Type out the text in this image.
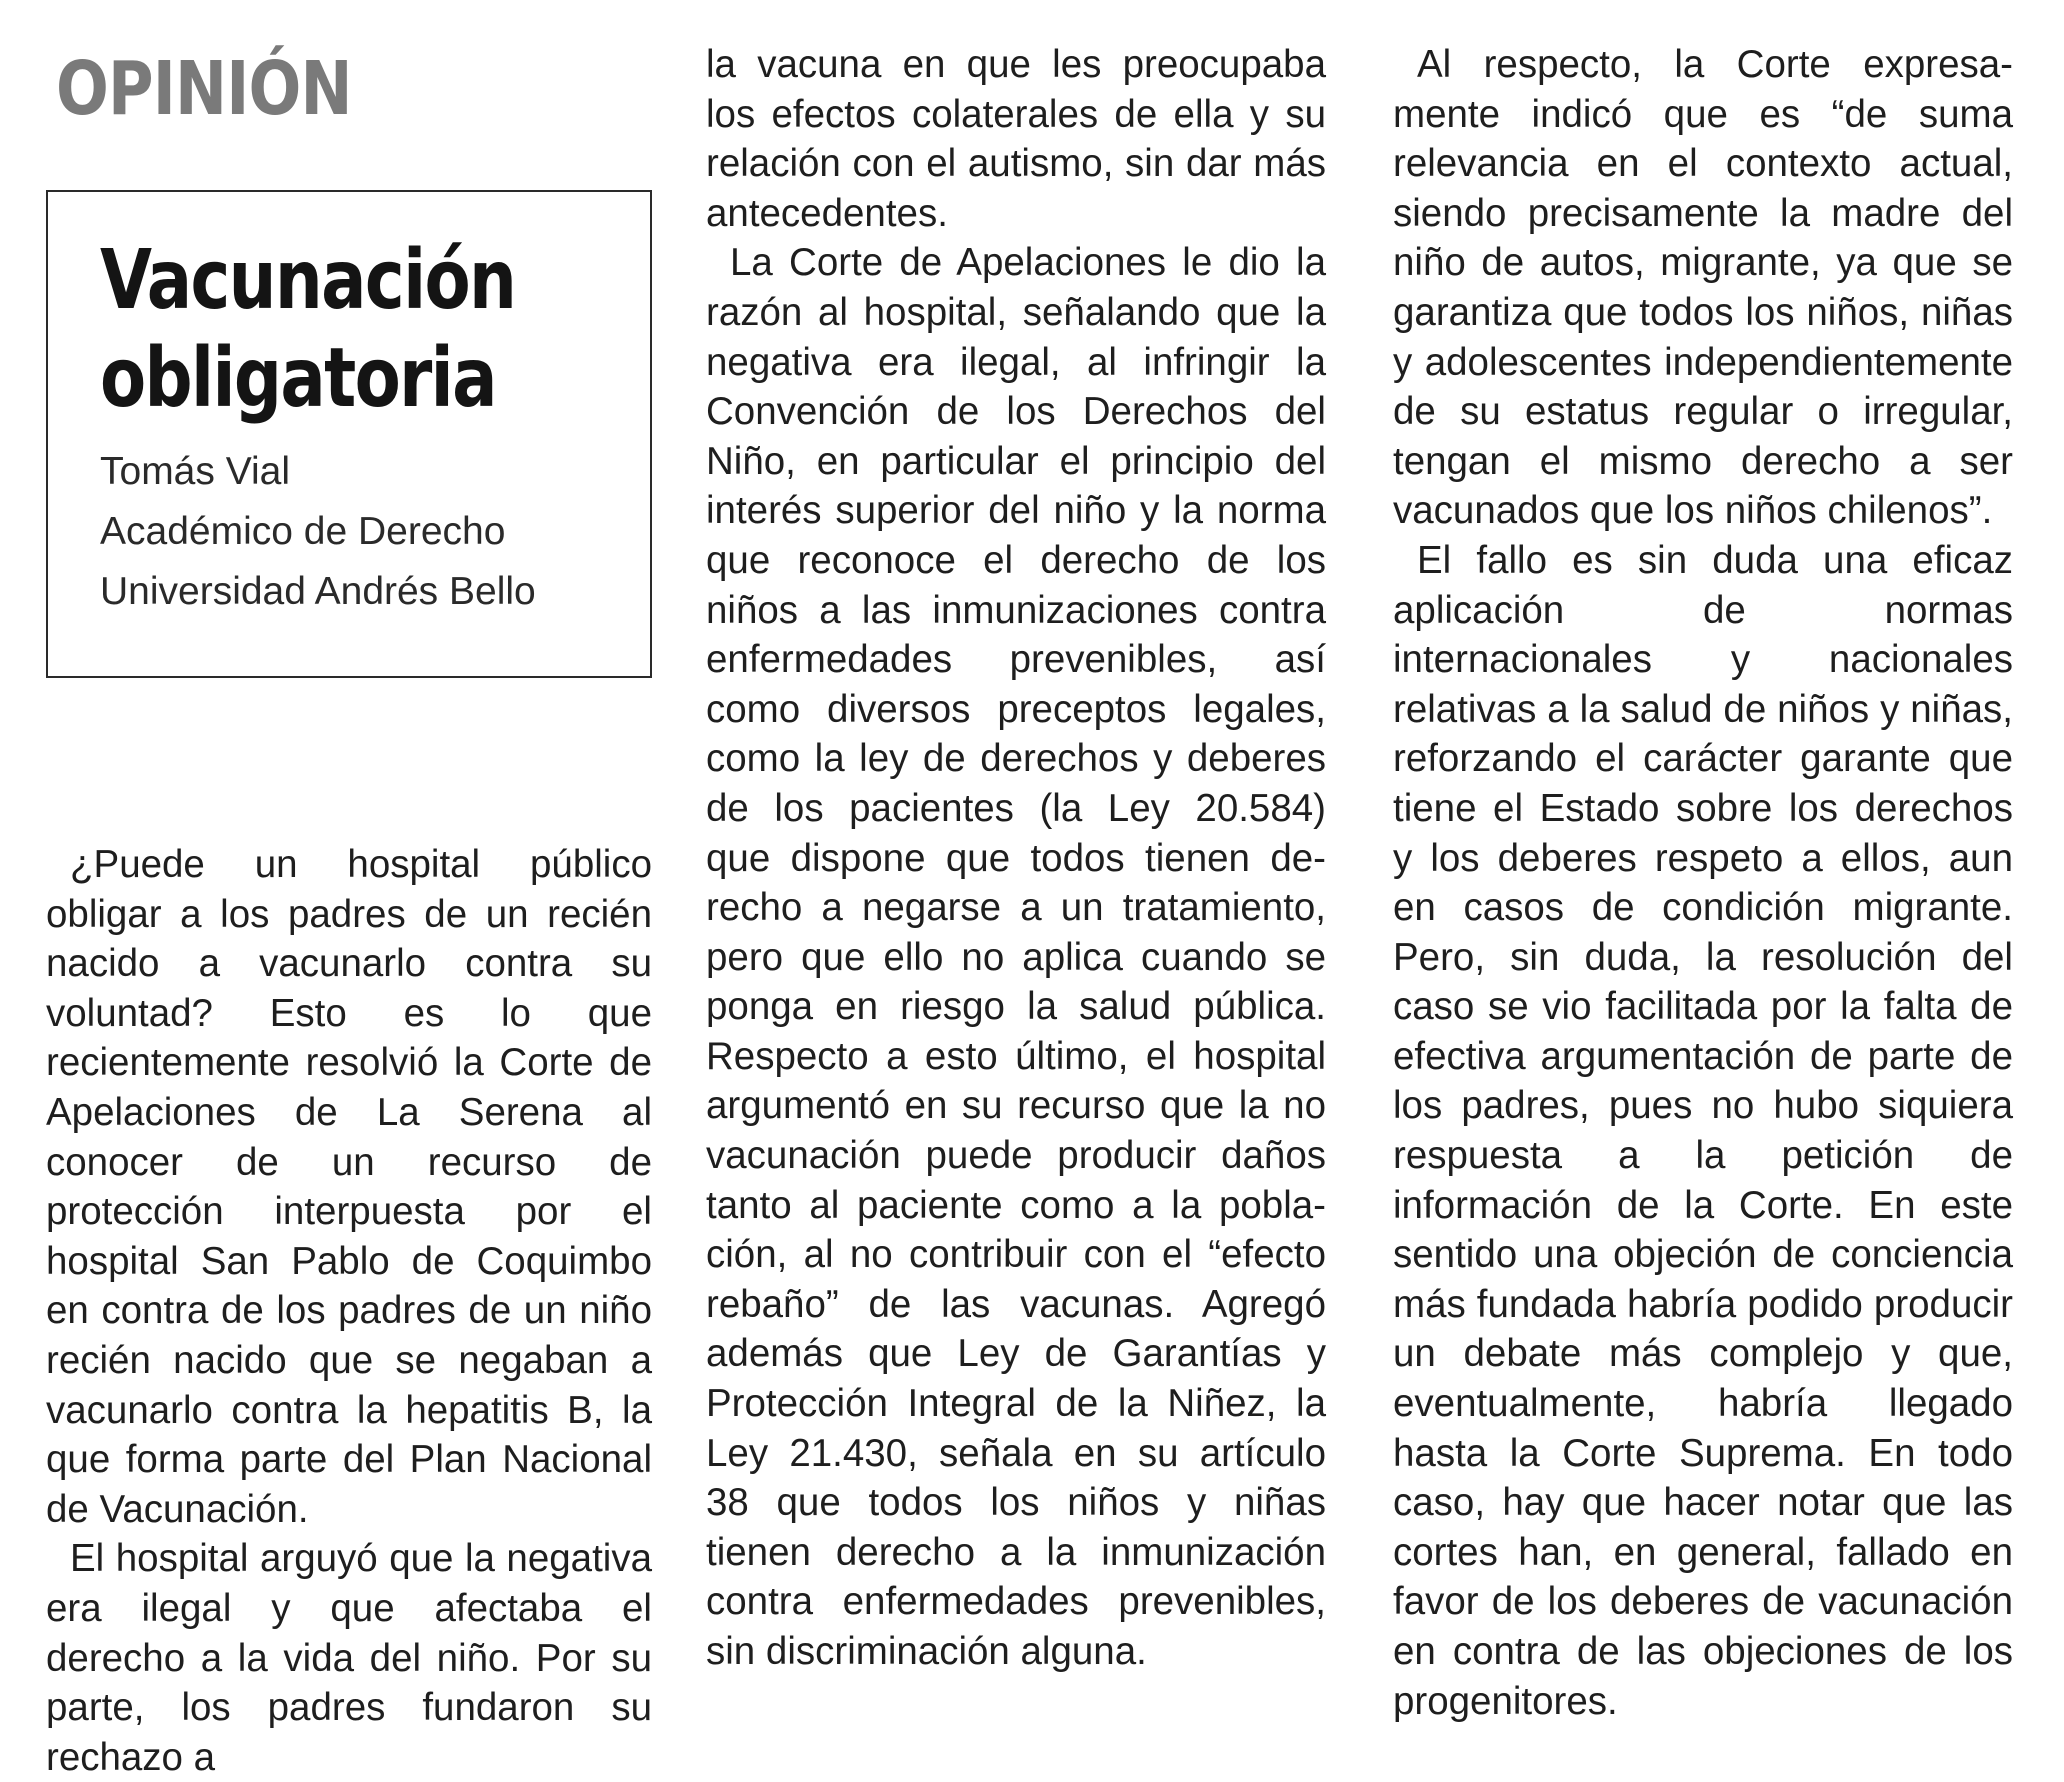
OPINIÓN
Vacunación
obligatoria
Tomás Vial
Académico de Derecho
Universidad Andrés Bello

¿Puede un hospital público obligar a los padres de un recién nacido a vacunarlo contra su voluntad? Esto es lo que recientemente resolvió la Corte de Apelaciones de La Serena al conocer de un recurso de protección interpuesta por el hospital San Pablo de Coquimbo en contra de los padres de un niño recién nacido que se negaban a vacunarlo contra la hepatitis B, la que forma parte del Plan Nacional de Vacunación.

El hospital arguyó que la negativa era ilegal y que afectaba el derecho a la vida del niño. Por su parte, los padres fundaron su rechazo a

la vacuna en que les preocupaba los efectos colaterales de ella y su relación con el autismo, sin dar más antecedentes.

La Corte de Apelaciones le dio la razón al hospital, señalando que la negativa era ilegal, al infringir la Convención de los Derechos del Niño, en particular el principio del interés superior del niño y la norma que reconoce el derecho de los niños a las inmunizaciones contra enfermedades prevenibles, así como diversos preceptos legales, como la ley de derechos y deberes de los pacientes (la Ley 20.584) que dispone que todos tienen derecho a negarse a un tratamiento, pero que ello no aplica cuando se ponga en riesgo la salud pública. Respecto a esto último, el hospital argumentó en su recurso que la no vacunación puede producir daños tanto al paciente como a la población, al no contribuir con el “efecto rebaño” de las vacunas. Agregó además que Ley de Garantías y Protección Integral de la Niñez, la Ley 21.430, señala en su artículo 38 que todos los niños y niñas tienen derecho a la inmunización contra enfermedades prevenibles, sin discriminación alguna.

Al respecto, la Corte expresamente indicó que es “de suma relevancia en el contexto actual, siendo precisamente la madre del niño de autos, migrante, ya que se garantiza que todos los niños, niñas y adolescentes independientemente de su estatus regular o irregular, tengan el mismo derecho a ser vacunados que los niños chilenos”.

El fallo es sin duda una eficaz aplicación de normas internacionales y nacionales relativas a la salud de niños y niñas, reforzando el carácter garante que tiene el Estado sobre los derechos y los deberes respeto a ellos, aun en casos de condición migrante. Pero, sin duda, la resolución del caso se vio facilitada por la falta de efectiva argumentación de parte de los padres, pues no hubo siquiera respuesta a la petición de información de la Corte. En este sentido una objeción de conciencia más fundada habría podido producir un debate más complejo y que, eventualmente, habría llegado hasta la Corte Suprema. En todo caso, hay que hacer notar que las cortes han, en general, fallado en favor de los deberes de vacunación en contra de las objeciones de los progenitores.
